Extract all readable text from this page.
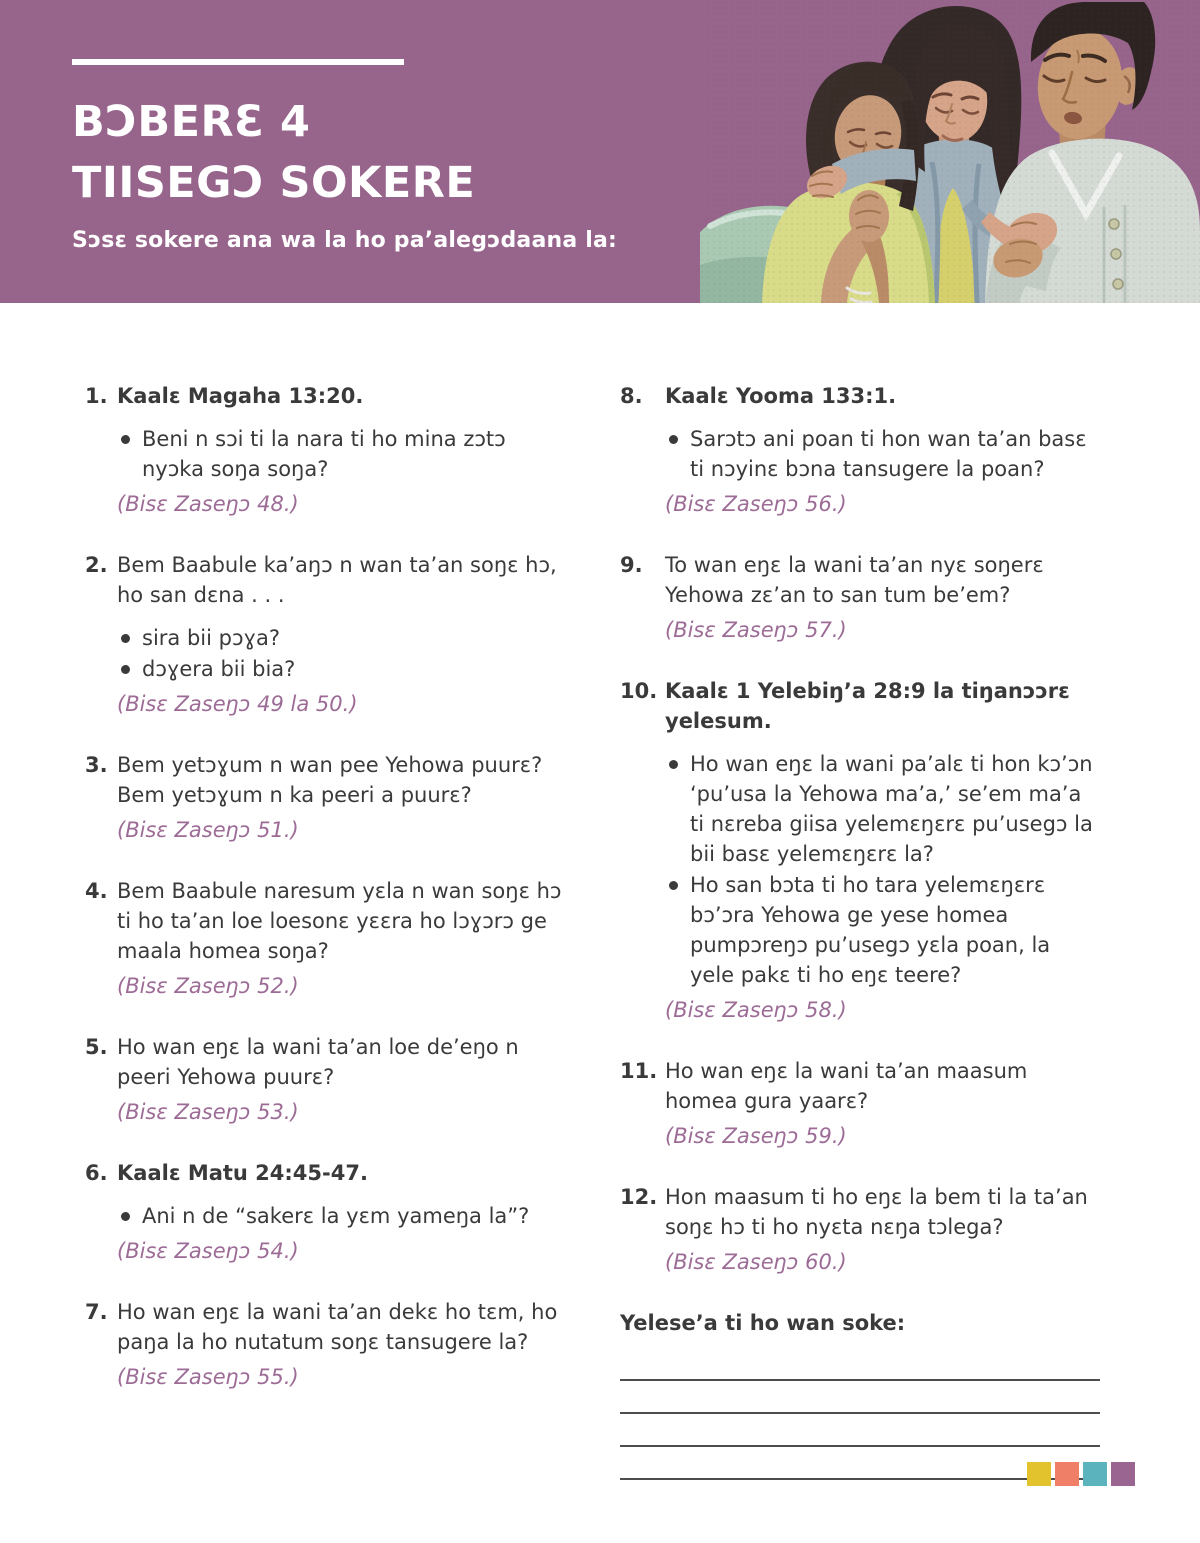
BƆBERƐ 4
TIISEGƆ SOKERE
Sɔsɛ sokere ana wa la ho pa’alegɔdaana la:
1. Kaalɛ Magaha 13:20.

Beni n sɔi ti la nara ti ho mina zɔtɔ nyɔka soŋa soŋa?

(Bisɛ Zaseŋɔ 48.)

2. Bem Baabule ka’aŋɔ n wan ta’an soŋɛ hɔ, ho san dɛna . . .

sira bii pɔɣa?

dɔɣera bii bia?

(Bisɛ Zaseŋɔ 49 la 50.)

3. Bem yetɔɣum n wan pee Yehowa puurɛ? Bem yetɔɣum n ka peeri a puurɛ?

(Bisɛ Zaseŋɔ 51.)

4. Bem Baabule naresum yɛla n wan soŋɛ hɔ ti ho ta’an loe loesonɛ yɛɛra ho lɔɣɔrɔ ge maala homea soŋa?

(Bisɛ Zaseŋɔ 52.)

5. Ho wan eŋɛ la wani ta’an loe de’eŋo n peeri Yehowa puurɛ?

(Bisɛ Zaseŋɔ 53.)

6. Kaalɛ Matu 24:45-47.

Ani n de “sakerɛ la yɛm yameŋa la”?

(Bisɛ Zaseŋɔ 54.)

7. Ho wan eŋɛ la wani ta’an dekɛ ho tɛm, ho paŋa la ho nutatum soŋɛ tansugere la?

(Bisɛ Zaseŋɔ 55.)

8.	Kaalɛ Yooma 133:1.

Sarɔtɔ ani poan ti hon wan ta’an basɛ ti nɔyinɛ bɔna tansugere la poan?

(Bisɛ Zaseŋɔ 56.)

9.	To wan eŋɛ la wani ta’an nyɛ soŋerɛ Yehowa zɛ’an to san tum be’em?

(Bisɛ Zaseŋɔ 57.)

10. Kaalɛ 1 Yelebiŋ’a 28:9 la tiŋanɔɔrɛ yelesum.

Ho wan eŋɛ la wani pa’alɛ ti hon kɔ’ɔn ‘pu’usa la Yehowa ma’a,’ se’em ma’a ti nɛreba giisa yelemɛŋɛrɛ pu’usegɔ la bii basɛ yelemɛŋɛrɛ la?

Ho san bɔta ti ho tara yelemɛŋɛrɛ bɔ’ɔra Yehowa ge yese homea pumpɔreŋɔ pu’usegɔ yɛla poan, la yele pakɛ ti ho eŋɛ teere?

(Bisɛ Zaseŋɔ 58.)

11. Ho wan eŋɛ la wani ta’an maasum homea gura yaarɛ?

(Bisɛ Zaseŋɔ 59.)

12. Hon maasum ti ho eŋɛ la bem ti la ta’an soŋɛ hɔ ti ho nyɛta nɛŋa tɔlega?

(Bisɛ Zaseŋɔ 60.)

Yelese’a ti ho wan soke:
